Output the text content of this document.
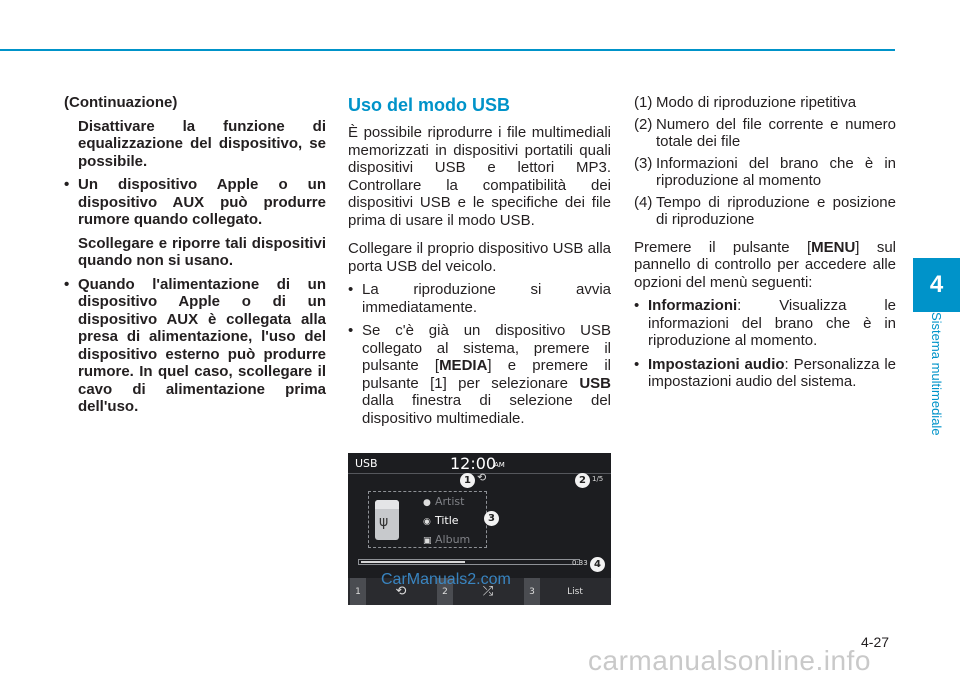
4
Sistema multimediale
(Continuazione)
Disattivare la funzione di equalizzazione del dispositivo, se possibile.
• Un dispositivo Apple o un dispositivo AUX può produrre rumore quando collegato.
Scollegare e riporre tali dispositivi quando non si usano.
• Quando l'alimentazione di un dispositivo Apple o di un dispositivo AUX è collegata alla presa di alimentazione, l'uso del dispositivo esterno può produrre rumore. In quel caso, scollegare il cavo di alimentazione prima dell'uso.
Uso del modo USB
È possibile riprodurre i file multimediali memorizzati in dispositivi portatili quali dispositivi USB e lettori MP3. Controllare la compatibilità dei dispositivi USB e le specifiche dei file prima di usare il modo USB.
Collegare il proprio dispositivo USB alla porta USB del veicolo.
• La riproduzione si avvia immediatamente.
• Se c'è già un dispositivo USB collegato al sistema, premere il pulsante [MEDIA] e premere il pulsante [1] per selezionare USB dalla finestra di selezione del dispositivo multimediale.
(1) Modo di riproduzione ripetitiva
(2) Numero del file corrente e numero totale dei file
(3) Informazioni del brano che è in riproduzione al momento
(4) Tempo di riproduzione e posizione di riproduzione
Premere il pulsante [MENU] sul pannello di controllo per accedere alle opzioni del menù seguenti:
• Informazioni: Visualizza le informazioni del brano che è in riproduzione al momento.
• Impostazioni audio: Personalizza le impostazioni audio del sistema.
USB	12:00
AM
1 ⟲	2 1/5
ψ
● Artist
◉ Title
▣ Album
3
0:33 4
1	⟲	2	⤮	3	List
CarManuals2.com
4-27
carmanualsonline.info
